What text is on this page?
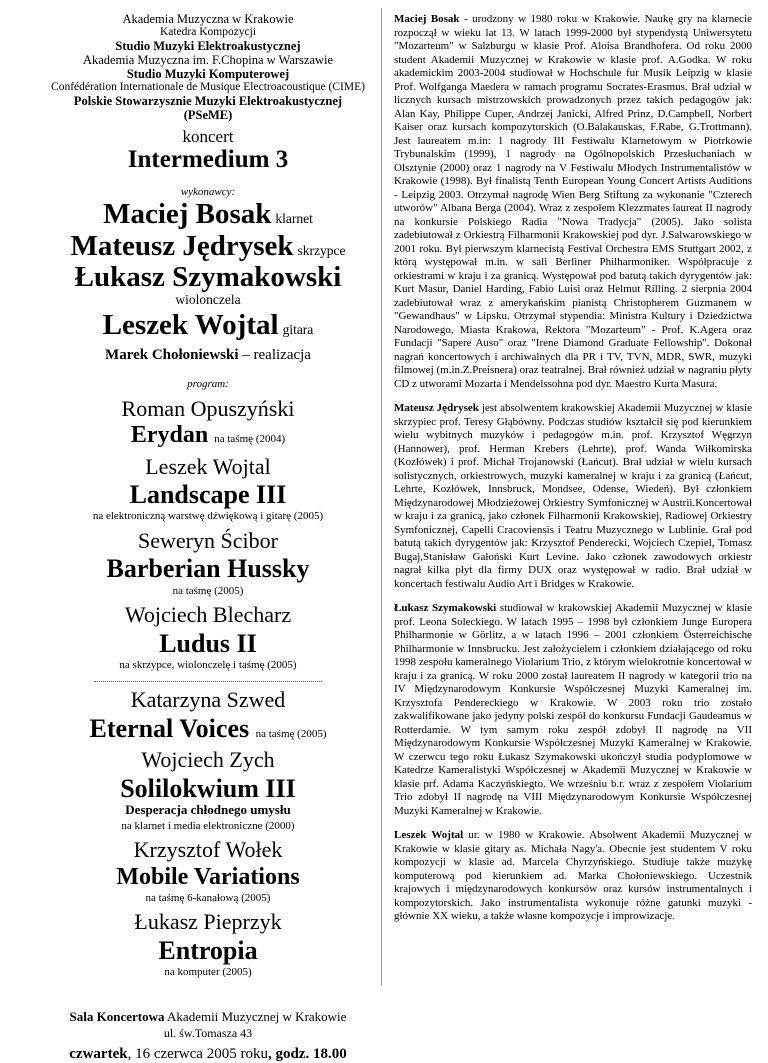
Akademia Muzyczna w Krakowie
Katedra Kompozycji
Studio Muzyki Elektroakustycznej
Akademia Muzyczna im. F.Chopina w Warszawie
Studio Muzyki Komputerowej
Confédération Internationale de Musique Electroacoustique (CIME)
Polskie Stowarzysznie Muzyki Elektroakustycznej (PSeME)
koncert
Intermedium 3
wykonawcy:
Maciej Bosak klarnet
Mateusz Jędrysek skrzypce
Łukasz Szymakowski wiolonczela
Leszek Wojtal gitara
Marek Chołoniewski – realizacja
program:
Roman Opuszyński
Erydan na taśmę (2004)
Leszek Wojtal
Landscape III
na elektroniczną warstwę dźwiękową i gitarę (2005)
Seweryn Ścibor
Barberian Hussky
na taśmę (2005)
Wojciech Blecharz
Ludus II
na skrzypce, wiolonczelę i taśmę (2005)
Katarzyna Szwed
Eternal Voices na taśmę (2005)
Wojciech Zych
Solilokwium III
Desperacja chłodnego umysłu
na klarnet i media elektroniczne (2000)
Krzysztof Wołek
Mobile Variations
na taśmę 6-kanałową (2005)
Łukasz Pieprzyk
Entropia
na komputer (2005)
Sala Koncertowa Akademii Muzycznej w Krakowie
ul. św.Tomasza 43
czwartek, 16 czerwca 2005 roku, godz. 18.00

Maciej Bosak - urodzony w 1980 roku w Krakowie. Naukę gry na klarnecie rozpoczął w wieku lat 13. W latach 1999-2000 był stypendystą Uniwersytetu "Mozarteum" w Salzburgu w klasie Prof. Aloisa Brandhofera. Od roku 2000 student Akademii Muzycznej w Krakowie w klasie prof. A.Godka. W roku akademickim 2003-2004 studiował w Hochschule fur Musik Leipzig w klasie Prof. Wolfganga Maedera w ramach programu Socrates-Erasmus. Brał udział w licznych kursach mistrzowskich prowadzonych przez takich pedagogów jak: Alan Kay, Philippe Cuper, Andrzej Janicki, Alfred Prinz, D.Campbell, Norbert Kaiser oraz kursach kompozytorskich (O.Balakauskas, F.Rabe, G.Trottmann). Jest laureatem m.in: 1 nagrody III Festiwalu Klarnetowym w Piotrkowie Trybunalskim (1999), 1 nagrody na Ogólnopolskich Przesłuchaniach w Olsztynie (2000) oraz 1 nagrody na V Festiwalu Młodych Instrumentalistów w Krakowie (1998). Był finalistą Tenth European Young Concert Artists Auditions - Leipzig 2003. Otrzymał nagrodę Wien Berg Stiftung za wykonanie "Czterech utworów" Albana Berga (2004). Wraz z zespołem Klezzmates laureat II nagrody na konkursie Polskiego Radia "Nowa Tradycja" (2005). Jako solista zadebiutował z Orkiestrą Filharmonii Krakowskiej pod dyr. J.Salwarowskiego w 2001 roku. Był pierwszym klarnecistą Festival Orchestra EMS Stuttgart 2002, z którą występował m.in. w sali Berliner Philharmoniker. Współpracuje z orkiestrami w kraju i za granicą. Występował pod batutą takich dyrygentów jak: Kurt Masur, Daniel Harding, Fabio Luisi oraz Helmut Rilling. 2 sierpnia 2004 zadebiutował wraz z amerykańskim pianistą Christopherem Guzmanem w "Gewandhaus" w Lipsku. Otrzymał stypendia: Ministra Kultury i Dziedzictwa Narodowego, Miasta Krakowa, Rektora "Mozarteum" - Prof. K.Agera oraz Fundacji "Sapere Auso" oraz "Irene Diamond Graduate Fellowship". Dokonał nagrań koncertowych i archiwalnych dla PR i TV, TVN, MDR, SWR, muzyki filmowej (m.in.Z.Preisnera) oraz teatralnej. Brał również udział w nagraniu płyty CD z utworami Mozarta i Mendelssohna pod dyr. Maestro Kurta Masura.

Mateusz Jędrysek jest absolwentem krakowskiej Akademii Muzycznej w klasie skrzypiec prof. Teresy Głąbówny. Podczas studiów kształcił się pod kierunkiem wielu wybitnych muzyków i pedagogów m.in. prof. Krzysztof Węgrzyn (Hannower), prof. Herman Krebers (Lehrte), prof. Wanda Wiłkomirska (Kozłówek) i prof. Michał Trojanowski (Łańcut). Brał udział w wielu kursach solistycznych, orkiestrowych, muzyki kameralnej w kraju i za granicą (Łańcut, Lehrte, Kozłówek, Innsbruck, Mondsee, Odense, Wiedeń). Był członkiem Międzynarodowej Młodzieżowej Orkiestry Symfonicznej w Austrii.Koncertował w kraju i za granicą, jako członek Filharmonii Krakowskiej, Radiowej Orkiestry Symfonicznej, Capelli Cracoviensis i Teatru Muzycznego w Lublinie. Grał pod batutą takich dyrygentów jak: Krzysztof Penderecki, Wojciech Czepiel, Tomasz Bugaj,Stanisław Gałoński Kurt Levine. Jako członek zawodowych orkiestr nagrał kilka płyt dla firmy DUX oraz występował w radio. Brał udział w koncertach festiwalu Audio Art i Bridges w Krakowie.

Łukasz Szymakowski studiował w krakowskiej Akademii Muzycznej w klasie prof. Leona Soleckiego. W latach 1995 – 1998 był członkiem Junge Europera Philharmonie w Görlitz, a w latach 1996 – 2001 członkiem Österreichische Philharmonie w Innsbrucku. Jest założycielem i członkiem działającego od roku 1998 zespołu kameralnego Violarium Trio, z którym wielokrotnie koncertował w kraju i za granicą. W roku 2000 został laureatem II nagrody w kategorii trio na IV Międzynarodowym Konkursie Współczesnej Muzyki Kameralnej im. Krzysztofa Pendereckiego w Krakowie. W 2003 roku trio zostało zakwalifikowane jako jedyny polski zespół do konkursu Fundacji Gaudeamus w Rotterdamie. W tym samym roku zespół zdobył II nagrodę na VII Międzynarodowym Konkursie Współczesnej Muzyki Kameralnej w Krakowie. W czerwcu tego roku Łukasz Szymakowski ukończył studia podyplomowe w Katedrze Kameralistyki Współczesnej w Akademii Muzycznej w Krakowie w klasie prf. Adama Kaczyńskiegto. We wrześniu b.r. wraz z zespołem Violarium Trio zdobył II nagrodę na VIII Międzynarodowym Konkursie Współczesnej Muzyki Kameralnej w Krakowie.

Leszek Wojtal ur. w 1980 w Krakowie. Absolwent Akademii Muzycznej w Krakowie w klasie gitary as. Michała Nagy'a. Obecnie jest studentem V roku kompozycji w klasie ad. Marcela Chyrzyńskiego. Studiuje także muzykę komputerową pod kierunkiem ad. Marka Chołoniewskiego. Uczestnik krajowych i międzynarodowych konkursów oraz kursów instrumentalnych i kompozytorskich. Jako instrumentalista wykonuje różne gatunki muzyki - głównie XX wieku, a także własne kompozycje i improwizacje.
